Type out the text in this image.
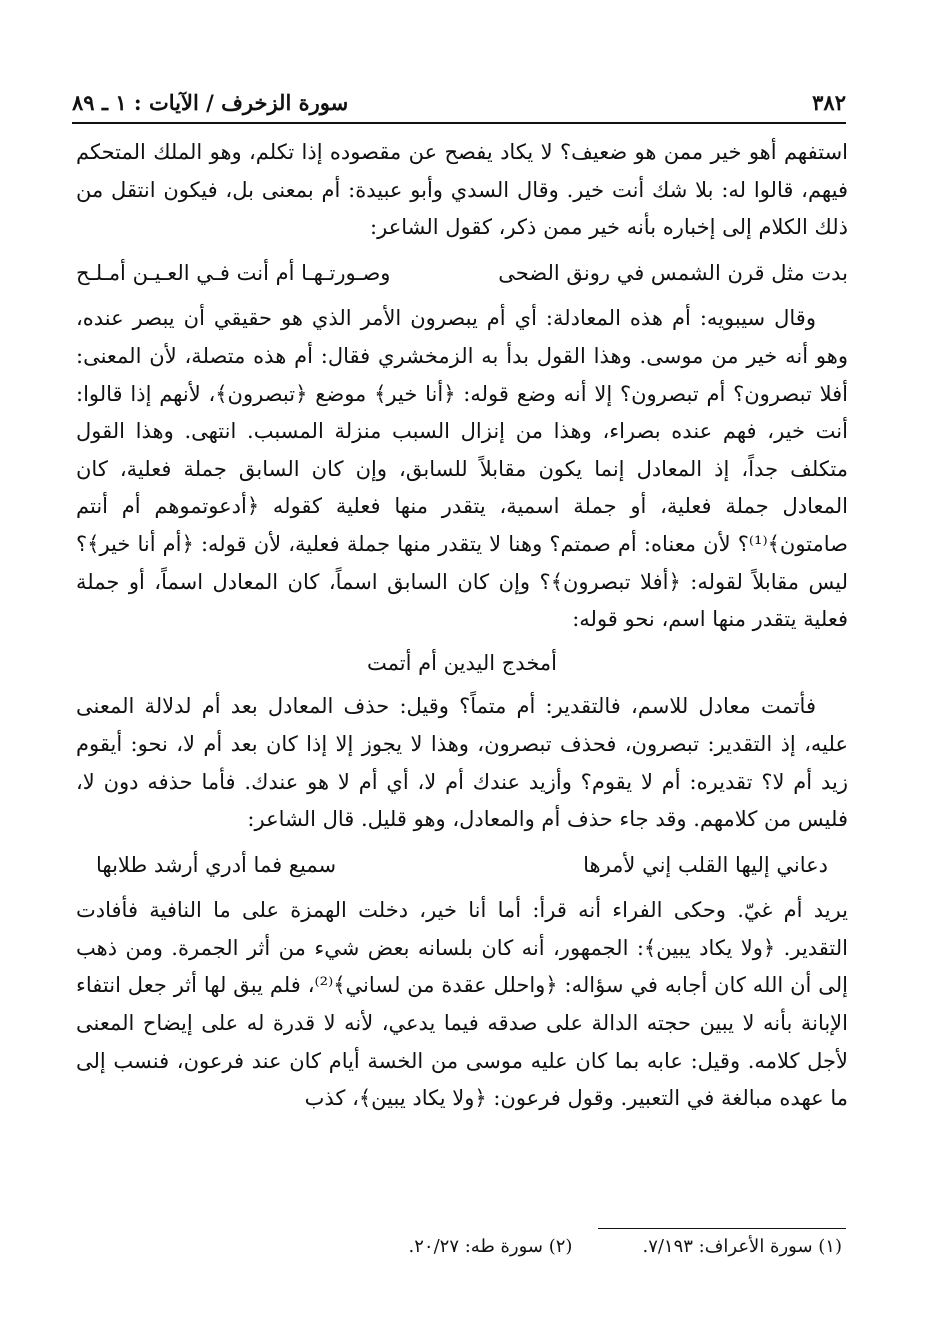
٣٨٢
سورة الزخرف / الآيات : ١ ـ ٨٩

استفهم أهو خير ممن هو ضعيف؟ لا يكاد يفصح عن مقصوده إذا تكلم، وهو الملك المتحكم فيهم، قالوا له: بلا شك أنت خير. وقال السدي وأبو عبيدة: أم بمعنى بل، فيكون انتقل من ذلك الكلام إلى إخباره بأنه خير ممن ذكر، كقول الشاعر:

بدت مثل قرن الشمس في رونق الضحى
وصـورتـهـا أم أنت فـي العـيـن أمـلـح

وقال سيبويه: أم هذه المعادلة: أي أم يبصرون الأمر الذي هو حقيقي أن يبصر عنده، وهو أنه خير من موسى. وهذا القول بدأ به الزمخشري فقال: أم هذه متصلة، لأن المعنى: أفلا تبصرون؟ أم تبصرون؟ إلا أنه وضع قوله: ﴿أنا خير﴾ موضع ﴿تبصرون﴾، لأنهم إذا قالوا: أنت خير، فهم عنده بصراء، وهذا من إنزال السبب منزلة المسبب. انتهى. وهذا القول متكلف جداً، إذ المعادل إنما يكون مقابلاً للسابق، وإن كان السابق جملة فعلية، كان المعادل جملة فعلية، أو جملة اسمية، يتقدر منها فعلية كقوله ﴿أدعوتموهم أم أنتم صامتون﴾⁽¹⁾؟ لأن معناه: أم صمتم؟ وهنا لا يتقدر منها جملة فعلية، لأن قوله: ﴿أم أنا خير﴾؟ ليس مقابلاً لقوله: ﴿أفلا تبصرون﴾؟ وإن كان السابق اسماً، كان المعادل اسماً، أو جملة فعلية يتقدر منها اسم، نحو قوله:

أمخدج اليدين أم أتمت

فأتمت معادل للاسم، فالتقدير: أم متماً؟ وقيل: حذف المعادل بعد أم لدلالة المعنى عليه، إذ التقدير: تبصرون، فحذف تبصرون، وهذا لا يجوز إلا إذا كان بعد أم لا، نحو: أيقوم زيد أم لا؟ تقديره: أم لا يقوم؟ وأزيد عندك أم لا، أي أم لا هو عندك. فأما حذفه دون لا، فليس من كلامهم. وقد جاء حذف أم والمعادل، وهو قليل. قال الشاعر:

دعاني إليها القلب إني لأمرها
سميع فما أدري أرشد طلابها

يريد أم غيّ. وحكى الفراء أنه قرأ: أما أنا خير، دخلت الهمزة على ما النافية فأفادت التقدير. ﴿ولا يكاد يبين﴾: الجمهور، أنه كان بلسانه بعض شيء من أثر الجمرة. ومن ذهب إلى أن الله كان أجابه في سؤاله: ﴿واحلل عقدة من لساني﴾⁽²⁾، فلم يبق لها أثر جعل انتفاء الإبانة بأنه لا يبين حجته الدالة على صدقه فيما يدعي، لأنه لا قدرة له على إيضاح المعنى لأجل كلامه. وقيل: عابه بما كان عليه موسى من الخسة أيام كان عند فرعون، فنسب إلى ما عهده مبالغة في التعبير. وقول فرعون: ﴿ولا يكاد يبين﴾، كذب

(١) سورة الأعراف: ٧/١٩٣.
(٢) سورة طه: ٢٠/٢٧.
